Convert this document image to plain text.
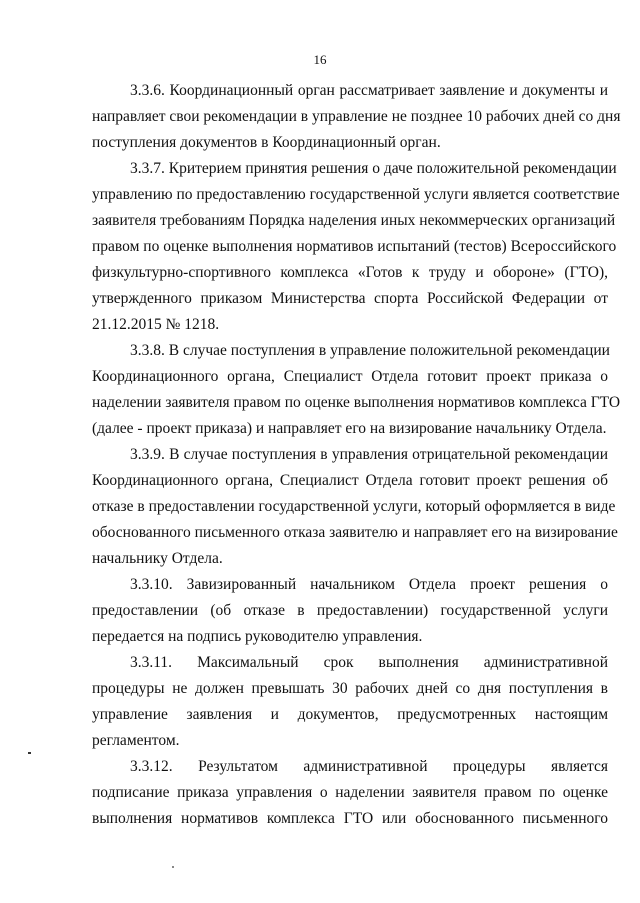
16
3.3.6. Координационный орган рассматривает заявление и документы и
направляет свои рекомендации в управление не позднее 10 рабочих дней со дня
поступления документов в Координационный орган.
3.3.7. Критерием принятия решения о даче положительной рекомендации
управлению по предоставлению государственной услуги является соответствие
заявителя требованиям Порядка наделения иных некоммерческих организаций
правом по оценке выполнения нормативов испытаний (тестов) Всероссийского
физкультурно-спортивного комплекса «Готов к труду и обороне» (ГТО),
утвержденного приказом Министерства спорта Российской Федерации от
21.12.2015 № 1218.
3.3.8. В случае поступления в управление положительной рекомендации
Координационного органа, Специалист Отдела готовит проект приказа о
наделении заявителя правом по оценке выполнения нормативов комплекса ГТО
(далее - проект приказа) и направляет его на визирование начальнику Отдела.
3.3.9. В случае поступления в управления отрицательной рекомендации
Координационного органа, Специалист Отдела готовит проект решения об
отказе в предоставлении государственной услуги, который оформляется в виде
обоснованного письменного отказа заявителю и направляет его на визирование
начальнику Отдела.
3.3.10. Завизированный начальником Отдела проект решения о
предоставлении (об отказе в предоставлении) государственной услуги
передается на подпись руководителю управления.
3.3.11. Максимальный срок выполнения административной
процедуры не должен превышать 30 рабочих дней со дня поступления в
управление заявления и документов, предусмотренных настоящим
регламентом.
3.3.12. Результатом административной процедуры является
подписание приказа управления о наделении заявителя правом по оценке
выполнения нормативов комплекса ГТО или обоснованного письменного
